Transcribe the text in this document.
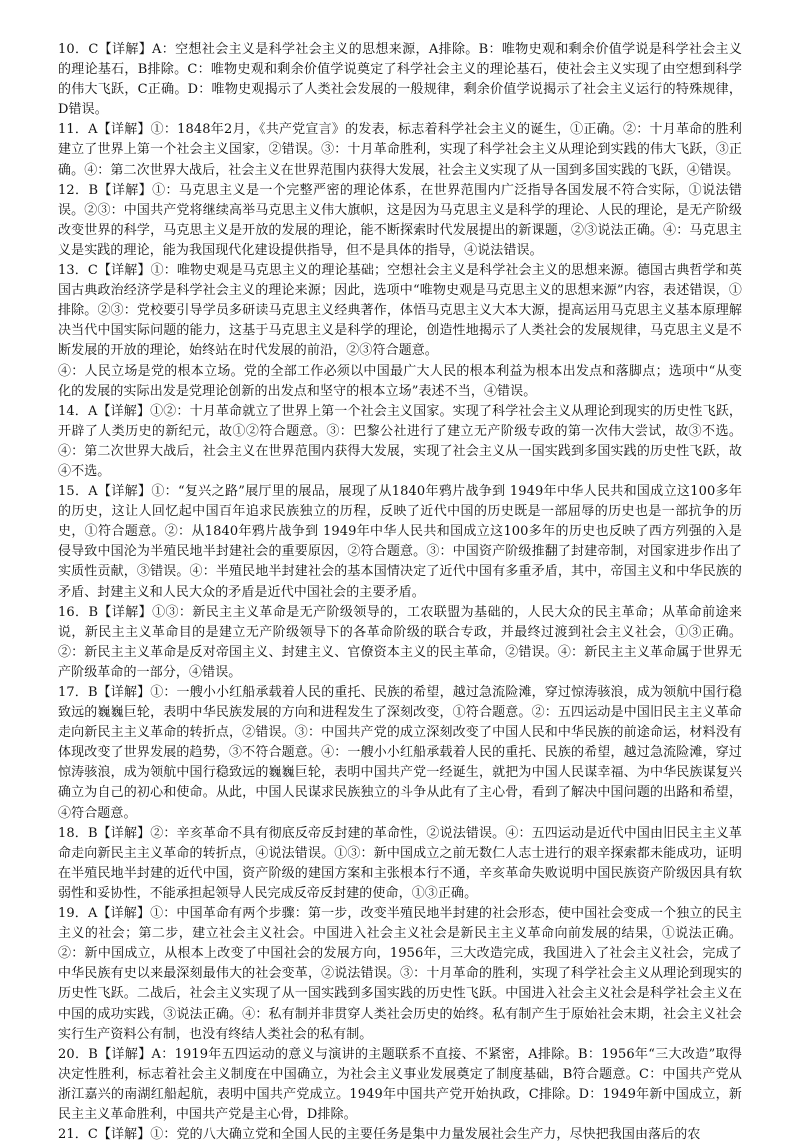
10．C【详解】A：空想社会主义是科学社会主义的思想来源，A排除。B：唯物史观和剩余价值学说是科学社会主义的理论基石，B排除。C：唯物史观和剩余价值学说奠定了科学社会主义的理论基石，使社会主义实现了由空想到科学的伟大飞跃，C正确。D：唯物史观揭示了人类社会发展的一般规律，剩余价值学说揭示了社会主义运行的特殊规律，D错误。

11．A【详解】①：1848年2月，《共产党宣言》的发表，标志着科学社会主义的诞生，①正确。②：十月革命的胜利建立了世界上第一个社会主义国家，②错误。③：十月革命胜利，实现了科学社会主义从理论到实践的伟大飞跃，③正确。④：第二次世界大战后，社会主义在世界范围内获得大发展，社会主义实现了从一国到多国实践的飞跃，④错误。

12．B【详解】①：马克思主义是一个完整严密的理论体系，在世界范围内广泛指导各国发展不符合实际，①说法错误。②③：中国共产党将继续高举马克思主义伟大旗帜，这是因为马克思主义是科学的理论、人民的理论，是无产阶级改变世界的科学，马克思主义是开放的发展的理论，能不断探索时代发展提出的新课题，②③说法正确。④：马克思主义是实践的理论，能为我国现代化建设提供指导，但不是具体的指导，④说法错误。

13．C【详解】①：唯物史观是马克思主义的理论基础；空想社会主义是科学社会主义的思想来源。德国古典哲学和英国古典政治经济学是科学社会主义的理论来源；因此，选项中“唯物史观是马克思主义的思想来源”内容，表述错误，①排除。②③：党校要引导学员多研读马克思主义经典著作，体悟马克思主义大本大源，提高运用马克思主义基本原理解决当代中国实际问题的能力，这基于马克思主义是科学的理论，创造性地揭示了人类社会的发展规律，马克思主义是不断发展的开放的理论，始终站在时代发展的前沿，②③符合题意。

④：人民立场是党的根本立场。党的全部工作必须以中国最广大人民的根本利益为根本出发点和落脚点；选项中“从变化的发展的实际出发是党理论创新的出发点和坚守的根本立场”表述不当，④错误。

14．A【详解】①②：十月革命就立了世界上第一个社会主义国家。实现了科学社会主义从理论到现实的历史性飞跃，开辟了人类历史的新纪元，故①②符合题意。③：巴黎公社进行了建立无产阶级专政的第一次伟大尝试，故③不选。④：第二次世界大战后，社会主义在世界范围内获得大发展，实现了社会主义从一国实践到多国实践的历史性飞跃，故④不选。

15．A【详解】①：“复兴之路”展厅里的展品，展现了从1840年鸦片战争到 1949年中华人民共和国成立这100多年的历史，这让人回忆起中国百年追求民族独立的历程，反映了近代中国的历史既是一部屈辱的历史也是一部抗争的历史，①符合题意。②：从1840年鸦片战争到 1949年中华人民共和国成立这100多年的历史也反映了西方列强的入是侵导致中国沦为半殖民地半封建社会的重要原因，②符合题意。③：中国资产阶级推翻了封建帝制，对国家进步作出了实质性贡献，③错误。④：半殖民地半封建社会的基本国情决定了近代中国有多重矛盾，其中，帝国主义和中华民族的矛盾、封建主义和人民大众的矛盾是近代中国社会的主要矛盾。

16．B【详解】①③：新民主主义革命是无产阶级领导的，工农联盟为基础的，人民大众的民主革命；从革命前途来说，新民主主义革命目的是建立无产阶级领导下的各革命阶级的联合专政，并最终过渡到社会主义社会，①③正确。②：新民主主义革命是反对帝国主义、封建主义、官僚资本主义的民主革命，②错误。④：新民主主义革命属于世界无产阶级革命的一部分，④错误。

17．B【详解】①：一艘小小红船承载着人民的重托、民族的希望，越过急流险滩，穿过惊涛骇浪，成为领航中国行稳致远的巍巍巨轮，表明中华民族发展的方向和进程发生了深刻改变，①符合题意。②：五四运动是中国旧民主主义革命走向新民主主义革命的转折点，②错误。③：中国共产党的成立深刻改变了中国人民和中华民族的前途命运，材料没有体现改变了世界发展的趋势，③不符合题意。④：一艘小小红船承载着人民的重托、民族的希望，越过急流险滩，穿过惊涛骇浪，成为领航中国行稳致远的巍巍巨轮，表明中国共产党一经诞生，就把为中国人民谋幸福、为中华民族谋复兴确立为自己的初心和使命。从此，中国人民谋求民族独立的斗争从此有了主心骨，看到了解决中国问题的出路和希望，④符合题意。

18．B【详解】②：辛亥革命不具有彻底反帝反封建的革命性，②说法错误。④：五四运动是近代中国由旧民主主义革命走向新民主主义革命的转折点，④说法错误。①③：新中国成立之前无数仁人志士进行的艰辛探索都未能成功，证明在半殖民地半封建的近代中国，资产阶级的建国方案和主张根本行不通，辛亥革命失败说明中国民族资产阶级因具有软弱性和妥协性，不能承担起领导人民完成反帝反封建的使命，①③正确。

19．A【详解】①：中国革命有两个步骤：第一步，改变半殖民地半封建的社会形态，使中国社会变成一个独立的民主主义的社会；第二步，建立社会主义社会。中国进入社会主义社会是新民主主义革命向前发展的结果，①说法正确。②：新中国成立，从根本上改变了中国社会的发展方向，1956年，三大改造完成，我国进入了社会主义社会，完成了中华民族有史以来最深刻最伟大的社会变革，②说法错误。③：十月革命的胜利，实现了科学社会主义从理论到现实的历史性飞跃。二战后，社会主义实现了从一国实践到多国实践的历史性飞跃。中国进入社会主义社会是科学社会主义在中国的成功实践，③说法正确。④：私有制并非贯穿人类社会历史的始终。私有制产生于原始社会末期，社会主义社会实行生产资料公有制，也没有终结人类社会的私有制。

20．B【详解】A：1919年五四运动的意义与演讲的主题联系不直接、不紧密，A排除。B：1956年“三大改造”取得决定性胜利，标志着社会主义制度在中国确立，为社会主义事业发展奠定了制度基础，B符合题意。C：中国共产党从浙江嘉兴的南湖红船起航，表明中国共产党成立。1949年中国共产党开始执政，C排除。D：1949年新中国成立，新民主主义革命胜利，中国共产党是主心骨，D排除。

21．C【详解】①：党的八大确立党和全国人民的主要任务是集中力量发展社会生产力，尽快把我国由落后的农
